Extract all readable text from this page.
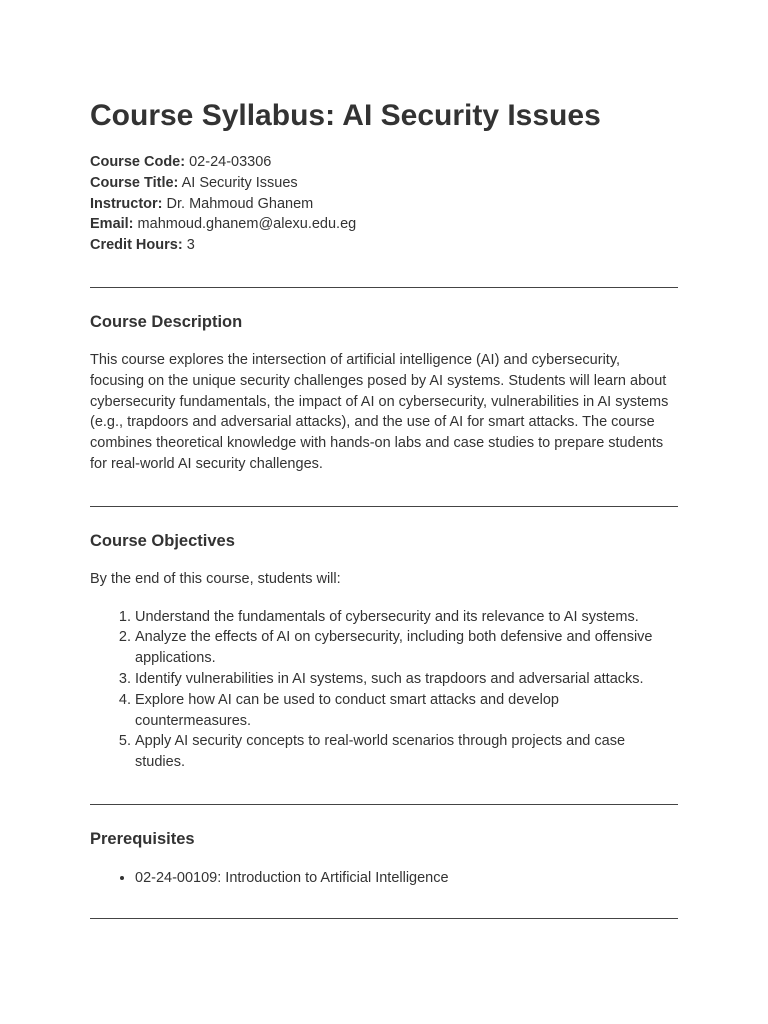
Course Syllabus: AI Security Issues
Course Code: 02-24-03306
Course Title: AI Security Issues
Instructor: Dr. Mahmoud Ghanem
Email: mahmoud.ghanem@alexu.edu.eg
Credit Hours: 3
Course Description

This course explores the intersection of artificial intelligence (AI) and cybersecurity, focusing on the unique security challenges posed by AI systems. Students will learn about cybersecurity fundamentals, the impact of AI on cybersecurity, vulnerabilities in AI systems (e.g., trapdoors and adversarial attacks), and the use of AI for smart attacks. The course combines theoretical knowledge with hands-on labs and case studies to prepare students for real-world AI security challenges.

Course Objectives

By the end of this course, students will:

1. Understand the fundamentals of cybersecurity and its relevance to AI systems.
2. Analyze the effects of AI on cybersecurity, including both defensive and offensive applications.
3. Identify vulnerabilities in AI systems, such as trapdoors and adversarial attacks.
4. Explore how AI can be used to conduct smart attacks and develop countermeasures.
5. Apply AI security concepts to real-world scenarios through projects and case studies.
Prerequisites
• 02-24-00109: Introduction to Artificial Intelligence
